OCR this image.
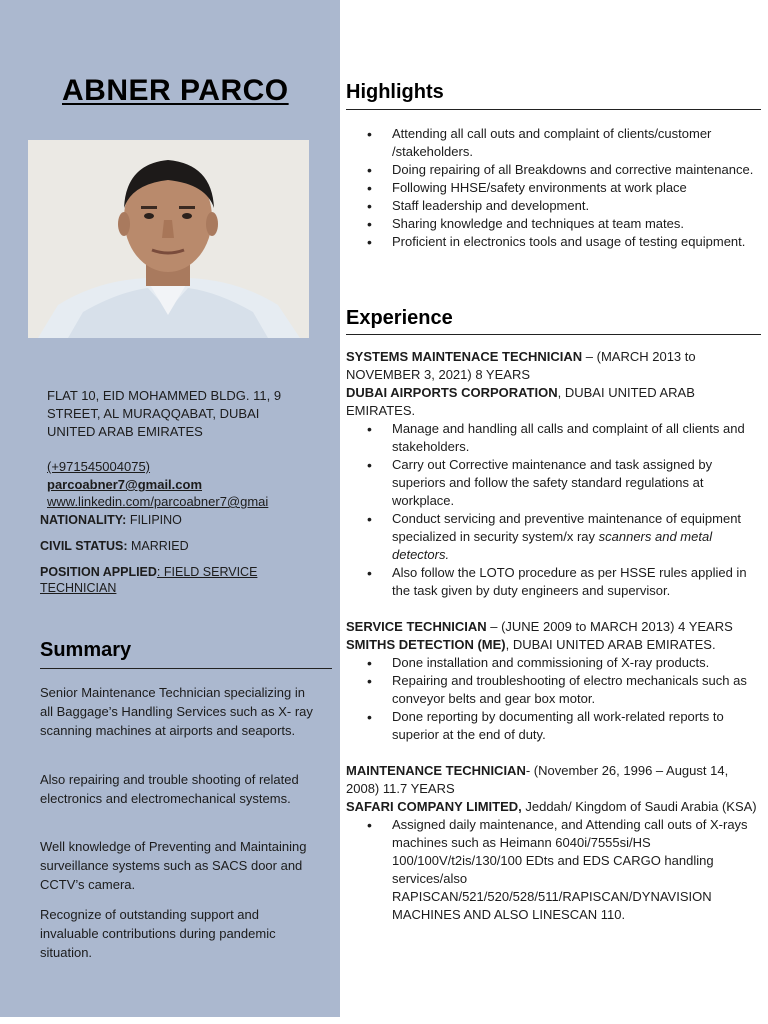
ABNER PARCO
FLAT 10, EID MOHAMMED BLDG. 11, 9 STREET, AL MURAQQABAT, DUBAI UNITED ARAB EMIRATES
(+971545004075)
parcoabner7@gmail.com
www.linkedin.com/parcoabner7@gmai
NATIONALITY: FILIPINO
CIVIL STATUS: MARRIED
POSITION APPLIED: FIELD SERVICE TECHNICIAN
Summary
Senior Maintenance Technician specializing in all Baggage’s Handling Services such as X- ray scanning machines at airports and seaports.
Also repairing and trouble shooting of related electronics and electromechanical systems.
Well knowledge of Preventing and Maintaining surveillance systems such as SACS door and CCTV’s camera.
Recognize of outstanding support and invaluable contributions during pandemic situation.
Highlights
• Attending all call outs and complaint of clients/customer /stakeholders.
• Doing repairing of all Breakdowns and corrective maintenance.
• Following HHSE/safety environments at work place
• Staff leadership and development.
• Sharing knowledge and techniques at team mates.
• Proficient in electronics tools and usage of testing equipment.
Experience
SYSTEMS MAINTENACE TECHNICIAN – (MARCH 2013 to NOVEMBER 3, 2021) 8 YEARS
DUBAI AIRPORTS CORPORATION, DUBAI UNITED ARAB EMIRATES.
• Manage and handling all calls and complaint of all clients and stakeholders.
• Carry out Corrective maintenance and task assigned by superiors and follow the safety standard regulations at workplace.
• Conduct servicing and preventive maintenance of equipment specialized in security system/x ray scanners and metal detectors.
• Also follow the LOTO procedure as per HSSE rules applied in the task given by duty engineers and supervisor.
SERVICE TECHNICIAN – (JUNE 2009 to MARCH 2013) 4 YEARS
SMITHS DETECTION (ME), DUBAI UNITED ARAB EMIRATES.
• Done installation and commissioning of X-ray products.
• Repairing and troubleshooting of electro mechanicals such as conveyor belts and gear box motor.
• Done reporting by documenting all work-related reports to superior at the end of duty.
MAINTENANCE TECHNICIAN- (November 26, 1996 – August 14, 2008) 11.7 YEARS
SAFARI COMPANY LIMITED, Jeddah/ Kingdom of Saudi Arabia (KSA)
• Assigned daily maintenance, and Attending call outs of X-rays machines such as Heimann 6040i/7555si/HS 100/100V/t2is/130/100 EDts and EDS CARGO handling services/also RAPISCAN/521/520/528/511/RAPISCAN/DYNAVISION MACHINES AND ALSO LINESCAN 110.
